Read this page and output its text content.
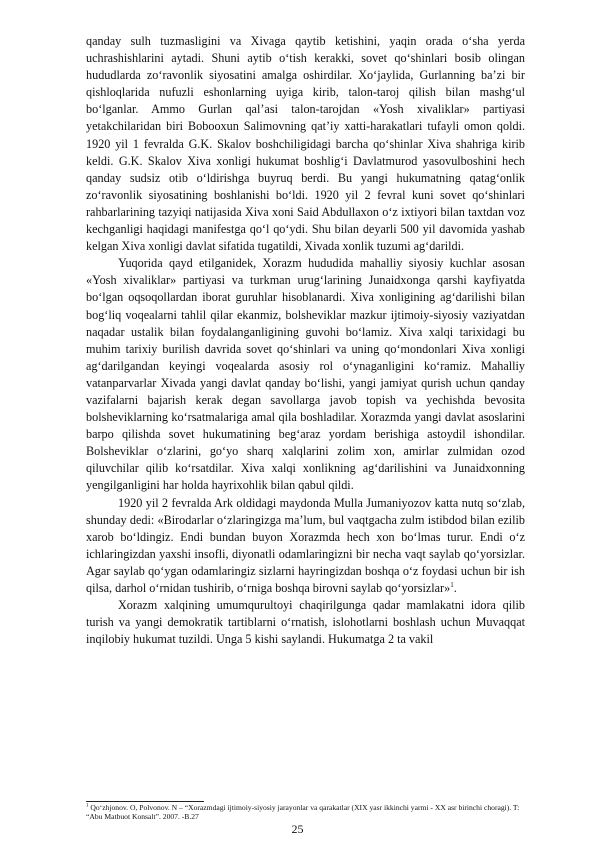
qanday sulh tuzmasligini va Xivaga qaytib ketishini, yaqin orada o‘sha yerda uchrashishlarini aytadi. Shuni aytib o‘tish kerakki, sovet qo‘shinlari bosib olingan hududlarda zo‘ravonlik siyosatini amalga oshirdilar. Xo‘jaylida, Gurlanning ba’zi bir qishloqlarida nufuzli eshonlarning uyiga kirib, talon-taroj qilish bilan mashg‘ul bo‘lganlar. Ammo Gurlan qal’asi talon-tarojdan «Yosh xivaliklar» partiyasi yetakchilaridan biri Boboоxun Salimovning qat’iy xatti-harakatlari tufayli omon qoldi. 1920 yil 1 fevralda G.K. Skalov boshchiligidagi barcha qo‘shinlar Xiva shahriga kirib keldi. G.K. Skalov Xiva xonligi hukumat boshlig‘i Davlatmurod yasovulboshini hech qanday sudsiz otib o‘ldirishga buyruq berdi. Bu yangi hukumatning qatag‘onlik zo‘ravonlik siyosatining boshlanishi bo‘ldi. 1920 yil 2 fevral kuni sovet qo‘shinlari rahbarlarining tazyiqi natijasida Xiva xoni Said Abdullaxon o‘z ixtiyori bilan taxtdan voz kechganligi haqidagi manifestga qo‘l qo‘ydi. Shu bilan deyarli 500 yil davomida yashab kelgan Xiva xonligi davlat sifatida tugatildi, Xivada xonlik tuzumi ag‘darildi.

Yuqorida qayd etilganidek, Xorazm hududida mahalliy siyosiy kuchlar asosan «Yosh xivaliklar» partiyasi va turkman urug‘larining Junaidxonga qarshi kayfiyatda bo‘lgan oqsoqollardan iborat guruhlar hisoblanardi. Xiva xonligining ag‘darilishi bilan bog‘liq voqealarni tahlil qilar ekanmiz, bolsheviklar mazkur ijtimoiy-siyosiy vaziyatdan naqadar ustalik bilan foydalanganligining guvohi bo‘lamiz. Xiva xalqi tarixidagi bu muhim tarixiy burilish davrida sovet qo‘shinlari va uning qo‘mondonlari Xiva xonligi ag‘darilgandan keyingi voqealarda asosiy rol o‘ynaganligini ko‘ramiz. Mahalliy vatanparvarlar Xivada yangi davlat qanday bo‘lishi, yangi jamiyat qurish uchun qanday vazifalarni bajarish kerak degan savollarga javob topish va yechishda bevosita bolsheviklarning ko‘rsatmalariga amal qila boshladilar. Xorazmda yangi davlat asoslarini barpo qilishda sovet hukumatining beg‘araz yordam berishiga astoydil ishondilar. Bolsheviklar o‘zlarini, go‘yo sharq xalqlarini zolim xon, amirlar zulmidan ozod qiluvchilar qilib ko‘rsatdilar. Xiva xalqi xonlikning ag‘darilishini va Junaidxonning yengilganligini har holda hayrixohlik bilan qabul qildi.

1920 yil 2 fevralda Ark oldidagi maydonda Mulla Jumaniyozov katta nutq so‘zlab, shunday dedi: «Birodarlar o‘zlaringizga ma’lum, bul vaqtgacha zulm istibdod bilan ezilib xarob bo‘ldingiz. Endi bundan buyon Xorazmda hech xon bo‘lmas turur. Endi o‘z ichlaringizdan yaxshi insofli, diyonatli odamlaringizni bir necha vaqt saylab qo‘yorsizlar. Agar saylab qo‘ygan odamlaringiz sizlarni hayringizdan boshqa o‘z foydasi uchun bir ish qilsa, darhol o‘rnidan tushirib, o‘rniga boshqa birovni saylab qo‘yorsizlar»$^1$.

Xorazm xalqining umumqurultoyi chaqirilgunga qadar mamlakatni idora qilib turish va yangi demokratik tartiblarni o‘rnatish, islohotlarni boshlash uchun Muvaqqat inqilobiy hukumat tuzildi. Unga 5 kishi saylandi. Hukumatga 2 ta vakil

$^1$ Qo‘zhjonov. O, Polvonov. N – “Xorazmdagi ijtimoiy-siyosiy jarayonlar va qarakatlar (XIX yasr ikkinchi yarmi - XX asr birinchi choragi). T: “Abu Matbuot Konsalt”. 2007. -B.27
25
